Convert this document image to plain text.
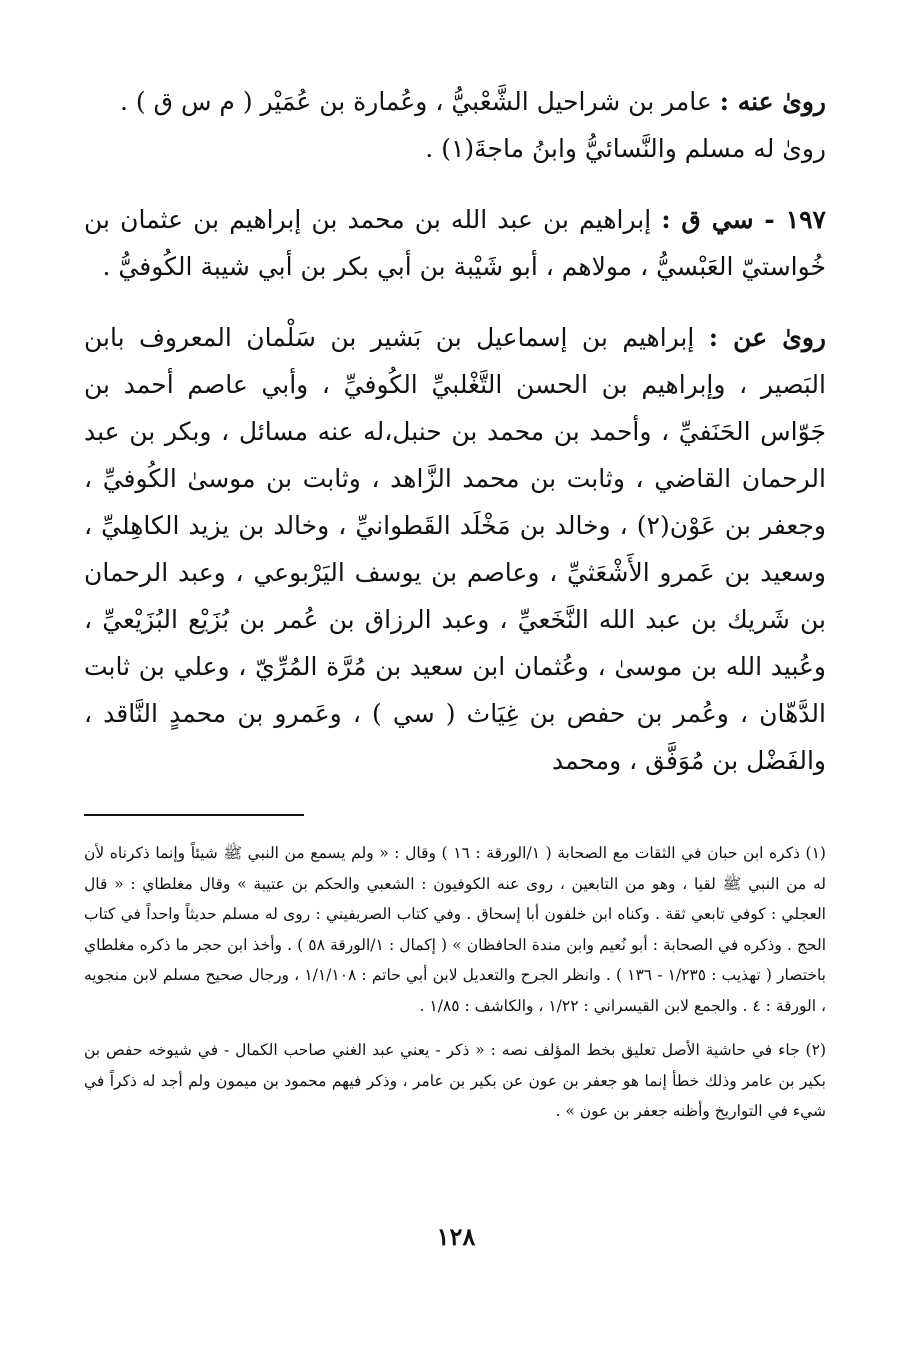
روىٰ عنه : عامر بن شراحيل الشَّعْبيُّ ، وعُمارة بن عُمَيْر ( م س ق ) .

روىٰ له مسلم والنَّسائيُّ وابنُ ماجةَ(١) .

١٩٧ - سي ق : إبراهيم بن عبد الله بن محمد بن إبراهيم بن عثمان بن خُواستيّ العَبْسيُّ ، مولاهم ، أبو شَيْبة بن أبي بكر بن أبي شيبة الكُوفيُّ .

روىٰ عن : إبراهيم بن إسماعيل بن بَشير بن سَلْمان المعروف بابن البَصير ، وإبراهيم بن الحسن التَّغْلبيِّ الكُوفيِّ ، وأبي عاصم أحمد بن جَوّاس الحَنَفيِّ ، وأحمد بن محمد بن حنبل،له عنه مسائل ، وبكر بن عبد الرحمان القاضي ، وثابت بن محمد الزَّاهد ، وثابت بن موسىٰ الكُوفيِّ ، وجعفر بن عَوْن(٢) ، وخالد بن مَخْلَد القَطوانيِّ ، وخالد بن يزيد الكاهِليِّ ، وسعيد بن عَمرو الأَشْعَثيِّ ، وعاصم بن يوسف اليَرْبوعي ، وعبد الرحمان بن شَريك بن عبد الله النَّخَعيِّ ، وعبد الرزاق بن عُمر بن بُزَيْع البُزَيْعيِّ ، وعُبيد الله بن موسىٰ ، وعُثمان ابن سعيد بن مُرَّة المُرِّيّ ، وعلي بن ثابت الدَّهّان ، وعُمر بن حفص بن غِيَاث ( سي ) ، وعَمرو بن محمدٍ النَّاقد ، والفَضْل بن مُوَفَّق ، ومحمد

(١) ذكره ابن حبان في الثقات مع الصحابة ( ١/الورقة : ١٦ ) وقال : « ولم يسمع من النبي ﷺ شيئاً وإنما ذكرناه لأن له من النبي ﷺ لقيا ، وهو من التابعين ، روى عنه الكوفيون : الشعبي والحكم بن عتيبة » وقال مغلطاي : « قال العجلي : كوفي تابعي ثقة . وكناه ابن خلفون أبا إسحاق . وفي كتاب الصريفيني : روى له مسلم حديثاً واحداً في كتاب الحج . وذكره في الصحابة : أبو نُعيم وابن مندة الحافظان » ( إكمال : ١/الورقة ٥٨ ) . وأخذ ابن حجر ما ذكره مغلطاي باختصار ( تهذيب : ١/٢٣٥ - ١٣٦ ) . وانظر الجرح والتعديل لابن أبي حاتم : ١/١/١٠٨ ، ورجال صحيح مسلم لابن منجويه ، الورقة : ٤ . والجمع لابن القيسراني : ١/٢٢ ، والكاشف : ١/٨٥ .

(٢) جاء في حاشية الأصل تعليق بخط المؤلف نصه : « ذكر - يعني عبد الغني صاحب الكمال - في شيوخه حفص بن بكير بن عامر وذلك خطأ إنما هو جعفر بن عون عن بكير بن عامر ، وذكر فيهم محمود بن ميمون ولم أجد له ذكراً في شيء في التواريخ وأظنه جعفر بن عون » .

١٢٨
